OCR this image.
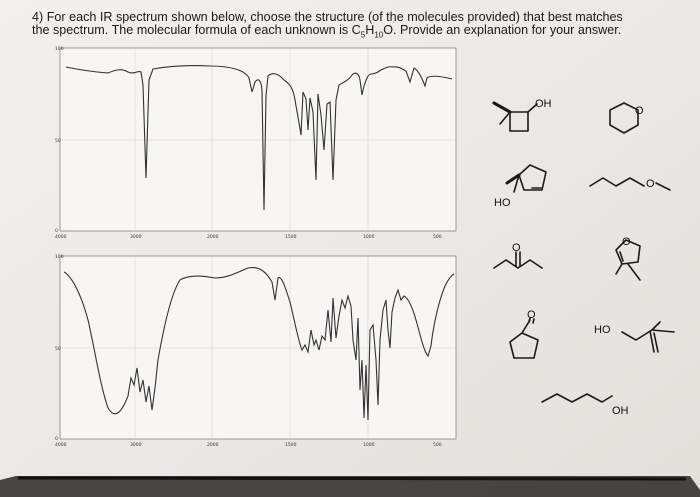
4) For each IR spectrum shown below, choose the structure (of the molecules provided) that best matches
the spectrum. The molecular formula of each unknown is $C_5H_{10}O$. Provide an explanation for your answer.
100
50
0
4000	3000	2000	1500	1000	500
100
50
0
4000	3000	2000	1500	1000	500
OH
O
HO
O
O	O
O
HO
OH
